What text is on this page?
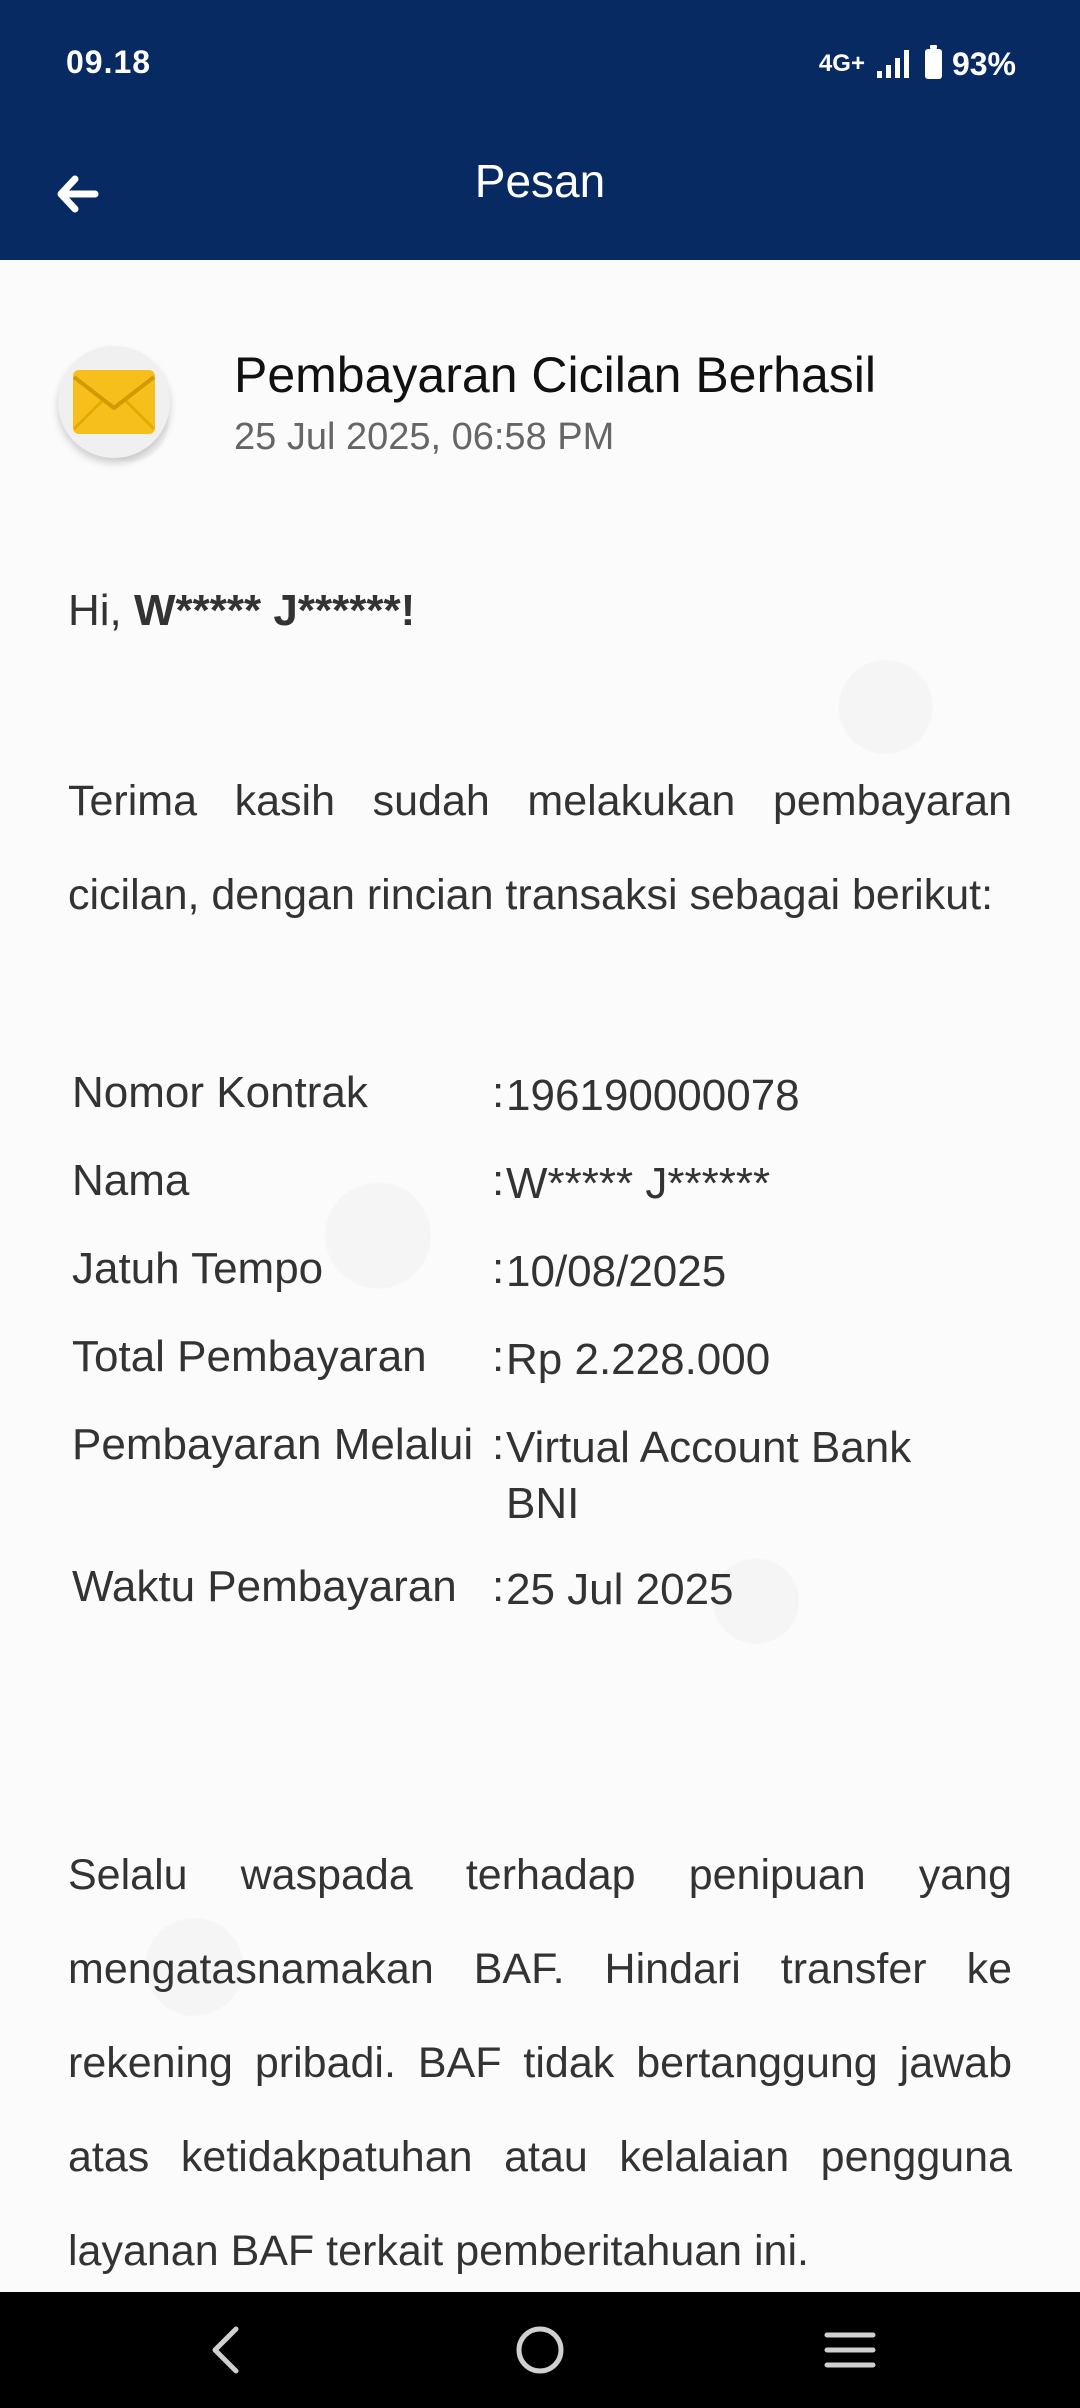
09.18	4G+	93%
Pesan
Pembayaran Cicilan Berhasil
25 Jul 2025, 06:58 PM
Hi, W***** J******!
Terima kasih sudah melakukan pembayaran cicilan, dengan rincian transaksi sebagai berikut:
Nomor Kontrak	: 196190000078
Nama	: W***** J******
Jatuh Tempo	: 10/08/2025
Total Pembayaran	: Rp 2.228.000
Pembayaran Melalui : Virtual Account Bank BNI
Waktu Pembayaran : 25 Jul 2025
Selalu waspada terhadap penipuan yang mengatasnamakan BAF. Hindari transfer ke rekening pribadi. BAF tidak bertanggung jawab atas ketidakpatuhan atau kelalaian pengguna layanan BAF terkait pemberitahuan ini.
